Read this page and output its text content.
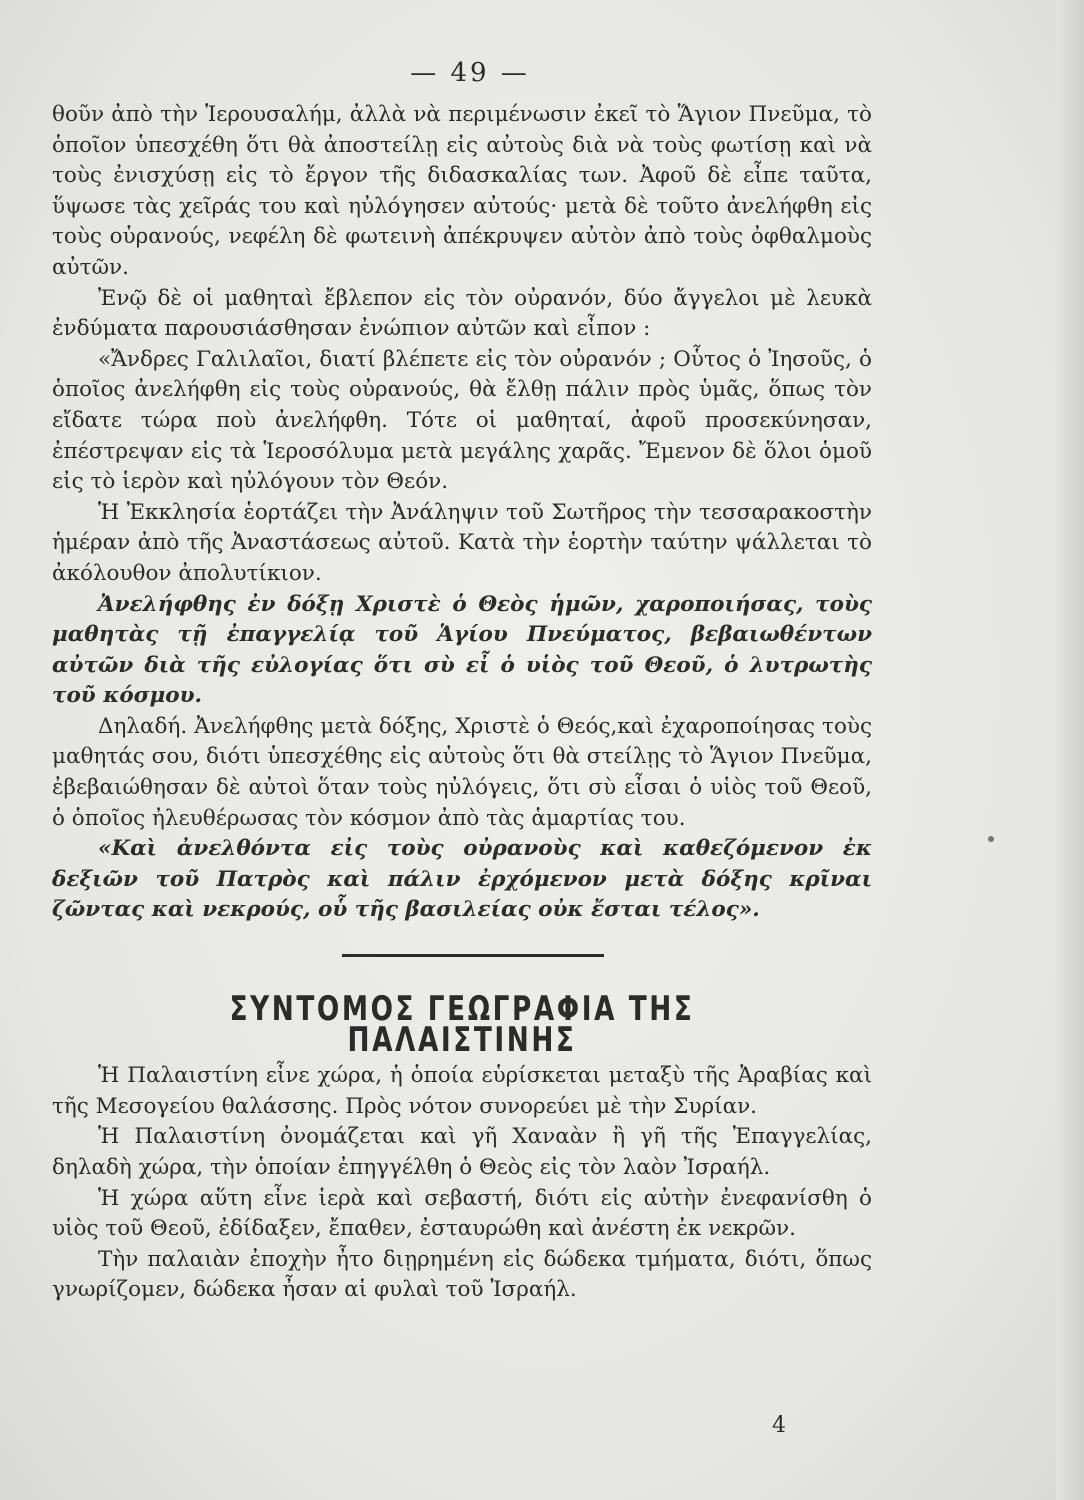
— 49 —

θοῦν ἀπὸ τὴν Ἱερουσαλήμ, ἀλλὰ νὰ περιμένωσιν ἐκεῖ τὸ Ἅγιον Πνεῦμα, τὸ ὁποῖον ὑπεσχέθη ὅτι θὰ ἀποστείλῃ εἰς αὐτοὺς διὰ νὰ τοὺς φωτίσῃ καὶ νὰ τοὺς ἐνισχύσῃ εἰς τὸ ἔργον τῆς διδασκαλίας των. Ἀφοῦ δὲ εἶπε ταῦτα, ὕψωσε τὰς χεῖράς του καὶ ηὐλόγησεν αὐτούς· μετὰ δὲ τοῦτο ἀνελήφθη εἰς τοὺς οὐρανούς, νεφέλη δὲ φωτεινὴ ἀπέκρυψεν αὐτὸν ἀπὸ τοὺς ὀφθαλμοὺς αὐτῶν.

Ἐνῷ δὲ οἱ μαθηταὶ ἔβλεπον εἰς τὸν οὐρανόν, δύο ἄγγελοι μὲ λευκὰ ἐνδύματα παρουσιάσθησαν ἐνώπιον αὐτῶν καὶ εἶπον :

«Ἄνδρες Γαλιλαῖοι, διατί βλέπετε εἰς τὸν οὐρανόν ; Οὗτος ὁ Ἰησοῦς, ὁ ὁποῖος ἀνελήφθη εἰς τοὺς οὐρανούς, θὰ ἔλθῃ πάλιν πρὸς ὑμᾶς, ὅπως τὸν εἴδατε τώρα ποὺ ἀνελήφθη. Τότε οἱ μαθηταί, ἀφοῦ προσεκύνησαν, ἐπέστρεψαν εἰς τὰ Ἱεροσόλυμα μετὰ μεγάλης χαρᾶς. Ἔμενον δὲ ὅλοι ὁμοῦ εἰς τὸ ἱερὸν καὶ ηὐλόγουν τὸν Θεόν.

Ἡ Ἐκκλησία ἑορτάζει τὴν Ἀνάληψιν τοῦ Σωτῆρος τὴν τεσσαρακοστὴν ἡμέραν ἀπὸ τῆς Ἀναστάσεως αὐτοῦ. Κατὰ τὴν ἑορτὴν ταύτην ψάλλεται τὸ ἀκόλουθον ἀπολυτίκιον.

Ἀνελήφθης ἐν δόξῃ Χριστὲ ὁ Θεὸς ἡμῶν, χαροποιήσας, τοὺς μαθητὰς τῇ ἐπαγγελίᾳ τοῦ Ἁγίου Πνεύματος, βεβαιωθέντων αὐτῶν διὰ τῆς εὐλογίας ὅτι σὺ εἶ ὁ υἱὸς τοῦ Θεοῦ, ὁ λυτρωτὴς τοῦ κόσμου.

Δηλαδή. Ἀνελήφθης μετὰ δόξης, Χριστὲ ὁ Θεός,καὶ ἐχαροποίησας τοὺς μαθητάς σου, διότι ὑπεσχέθης εἰς αὐτοὺς ὅτι θὰ στείλῃς τὸ Ἅγιον Πνεῦμα, ἐβεβαιώθησαν δὲ αὐτοὶ ὅταν τοὺς ηὐλόγεις, ὅτι σὺ εἶσαι ὁ υἱὸς τοῦ Θεοῦ, ὁ ὁποῖος ἠλευθέρωσας τὸν κόσμον ἀπὸ τὰς ἁμαρτίας του.

«Καὶ ἀνελθόντα εἰς τοὺς οὐρανοὺς καὶ καθεζόμενον ἐκ δεξιῶν τοῦ Πατρὸς καὶ πάλιν ἐρχόμενον μετὰ δόξης κρῖναι ζῶντας καὶ νεκρούς, οὗ τῆς βασιλείας οὐκ ἔσται τέλος».

ΣΥΝΤΟΜΟΣ ΓΕΩΓΡΑΦΙΑ ΤΗΣ ΠΑΛΑΙΣΤΙΝΗΣ

Ἡ Παλαιστίνη εἶνε χώρα, ἡ ὁποία εὑρίσκεται μεταξὺ τῆς Ἀραβίας καὶ τῆς Μεσογείου θαλάσσης. Πρὸς νότον συνορεύει μὲ τὴν Συρίαν.

Ἡ Παλαιστίνη ὀνομάζεται καὶ γῆ Χαναὰν ἢ γῆ τῆς Ἐπαγγελίας, δηλαδὴ χώρα, τὴν ὁποίαν ἐπηγγέλθη ὁ Θεὸς εἰς τὸν λαὸν Ἰσραήλ.

Ἡ χώρα αὕτη εἶνε ἱερὰ καὶ σεβαστή, διότι εἰς αὐτὴν ἐνεφανίσθη ὁ υἱὸς τοῦ Θεοῦ, ἐδίδαξεν, ἔπαθεν, ἐσταυρώθη καὶ ἀνέστη ἐκ νεκρῶν.

Τὴν παλαιὰν ἐποχὴν ἦτο διῃρημένη εἰς δώδεκα τμήματα, διότι, ὅπως γνωρίζομεν, δώδεκα ἦσαν αἱ φυλαὶ τοῦ Ἰσραήλ.

4
